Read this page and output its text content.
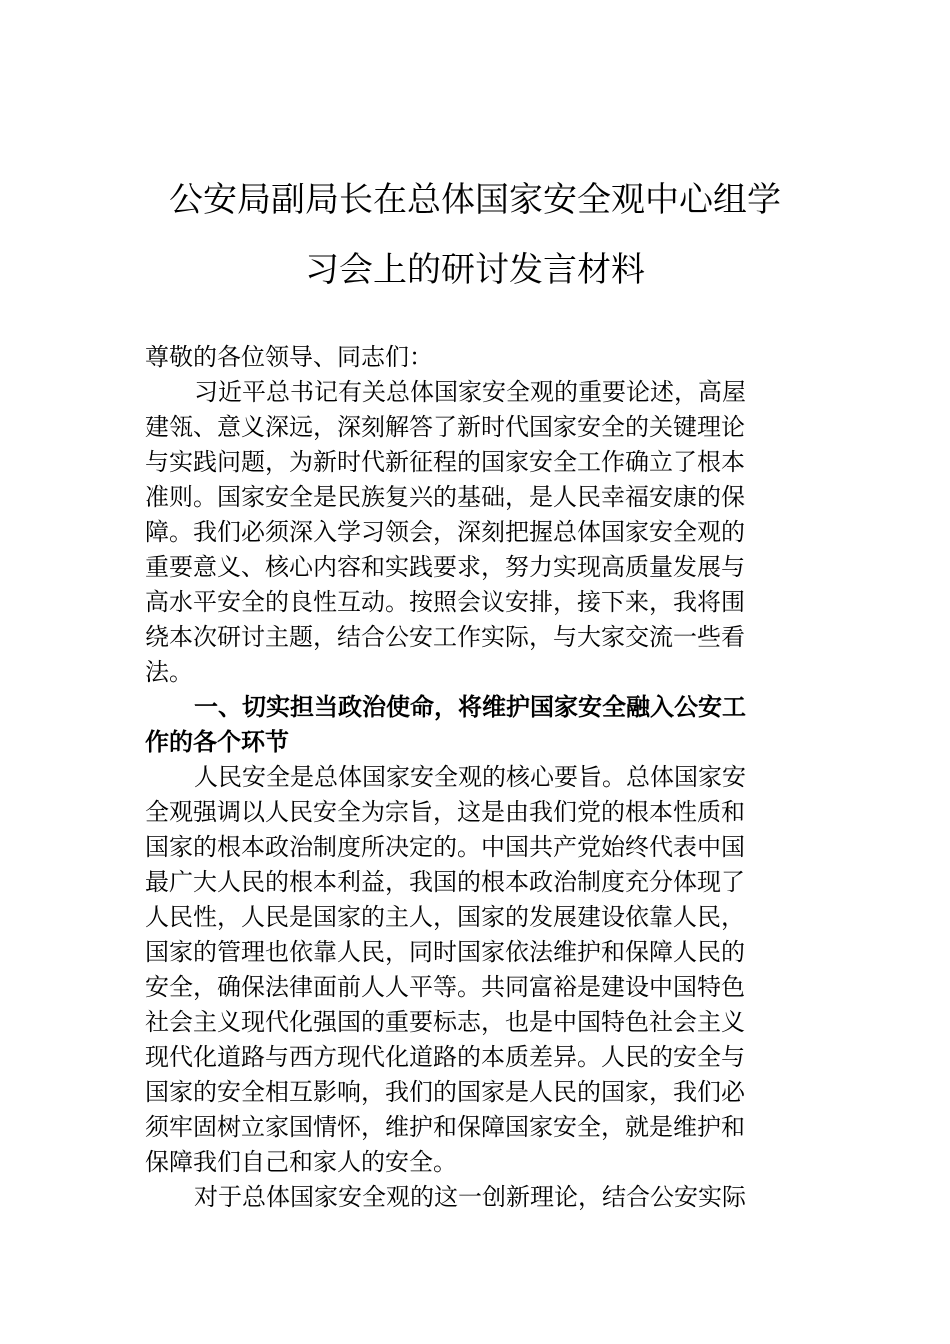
公安局副局长在总体国家安全观中心组学
习会上的研讨发言材料
尊敬的各位领导、同志们：
习近平总书记有关总体国家安全观的重要论述，高屋
建瓴、意义深远，深刻解答了新时代国家安全的关键理论
与实践问题，为新时代新征程的国家安全工作确立了根本
准则。国家安全是民族复兴的基础，是人民幸福安康的保
障。我们必须深入学习领会，深刻把握总体国家安全观的
重要意义、核心内容和实践要求，努力实现高质量发展与
高水平安全的良性互动。按照会议安排，接下来，我将围
绕本次研讨主题，结合公安工作实际，与大家交流一些看
法。
一、切实担当政治使命，将维护国家安全融入公安工
作的各个环节
人民安全是总体国家安全观的核心要旨。总体国家安
全观强调以人民安全为宗旨，这是由我们党的根本性质和
国家的根本政治制度所决定的。中国共产党始终代表中国
最广大人民的根本利益，我国的根本政治制度充分体现了
人民性，人民是国家的主人，国家的发展建设依靠人民，
国家的管理也依靠人民，同时国家依法维护和保障人民的
安全，确保法律面前人人平等。共同富裕是建设中国特色
社会主义现代化强国的重要标志，也是中国特色社会主义
现代化道路与西方现代化道路的本质差异。人民的安全与
国家的安全相互影响，我们的国家是人民的国家，我们必
须牢固树立家国情怀，维护和保障国家安全，就是维护和
保障我们自己和家人的安全。
对于总体国家安全观的这一创新理论，结合公安实际
